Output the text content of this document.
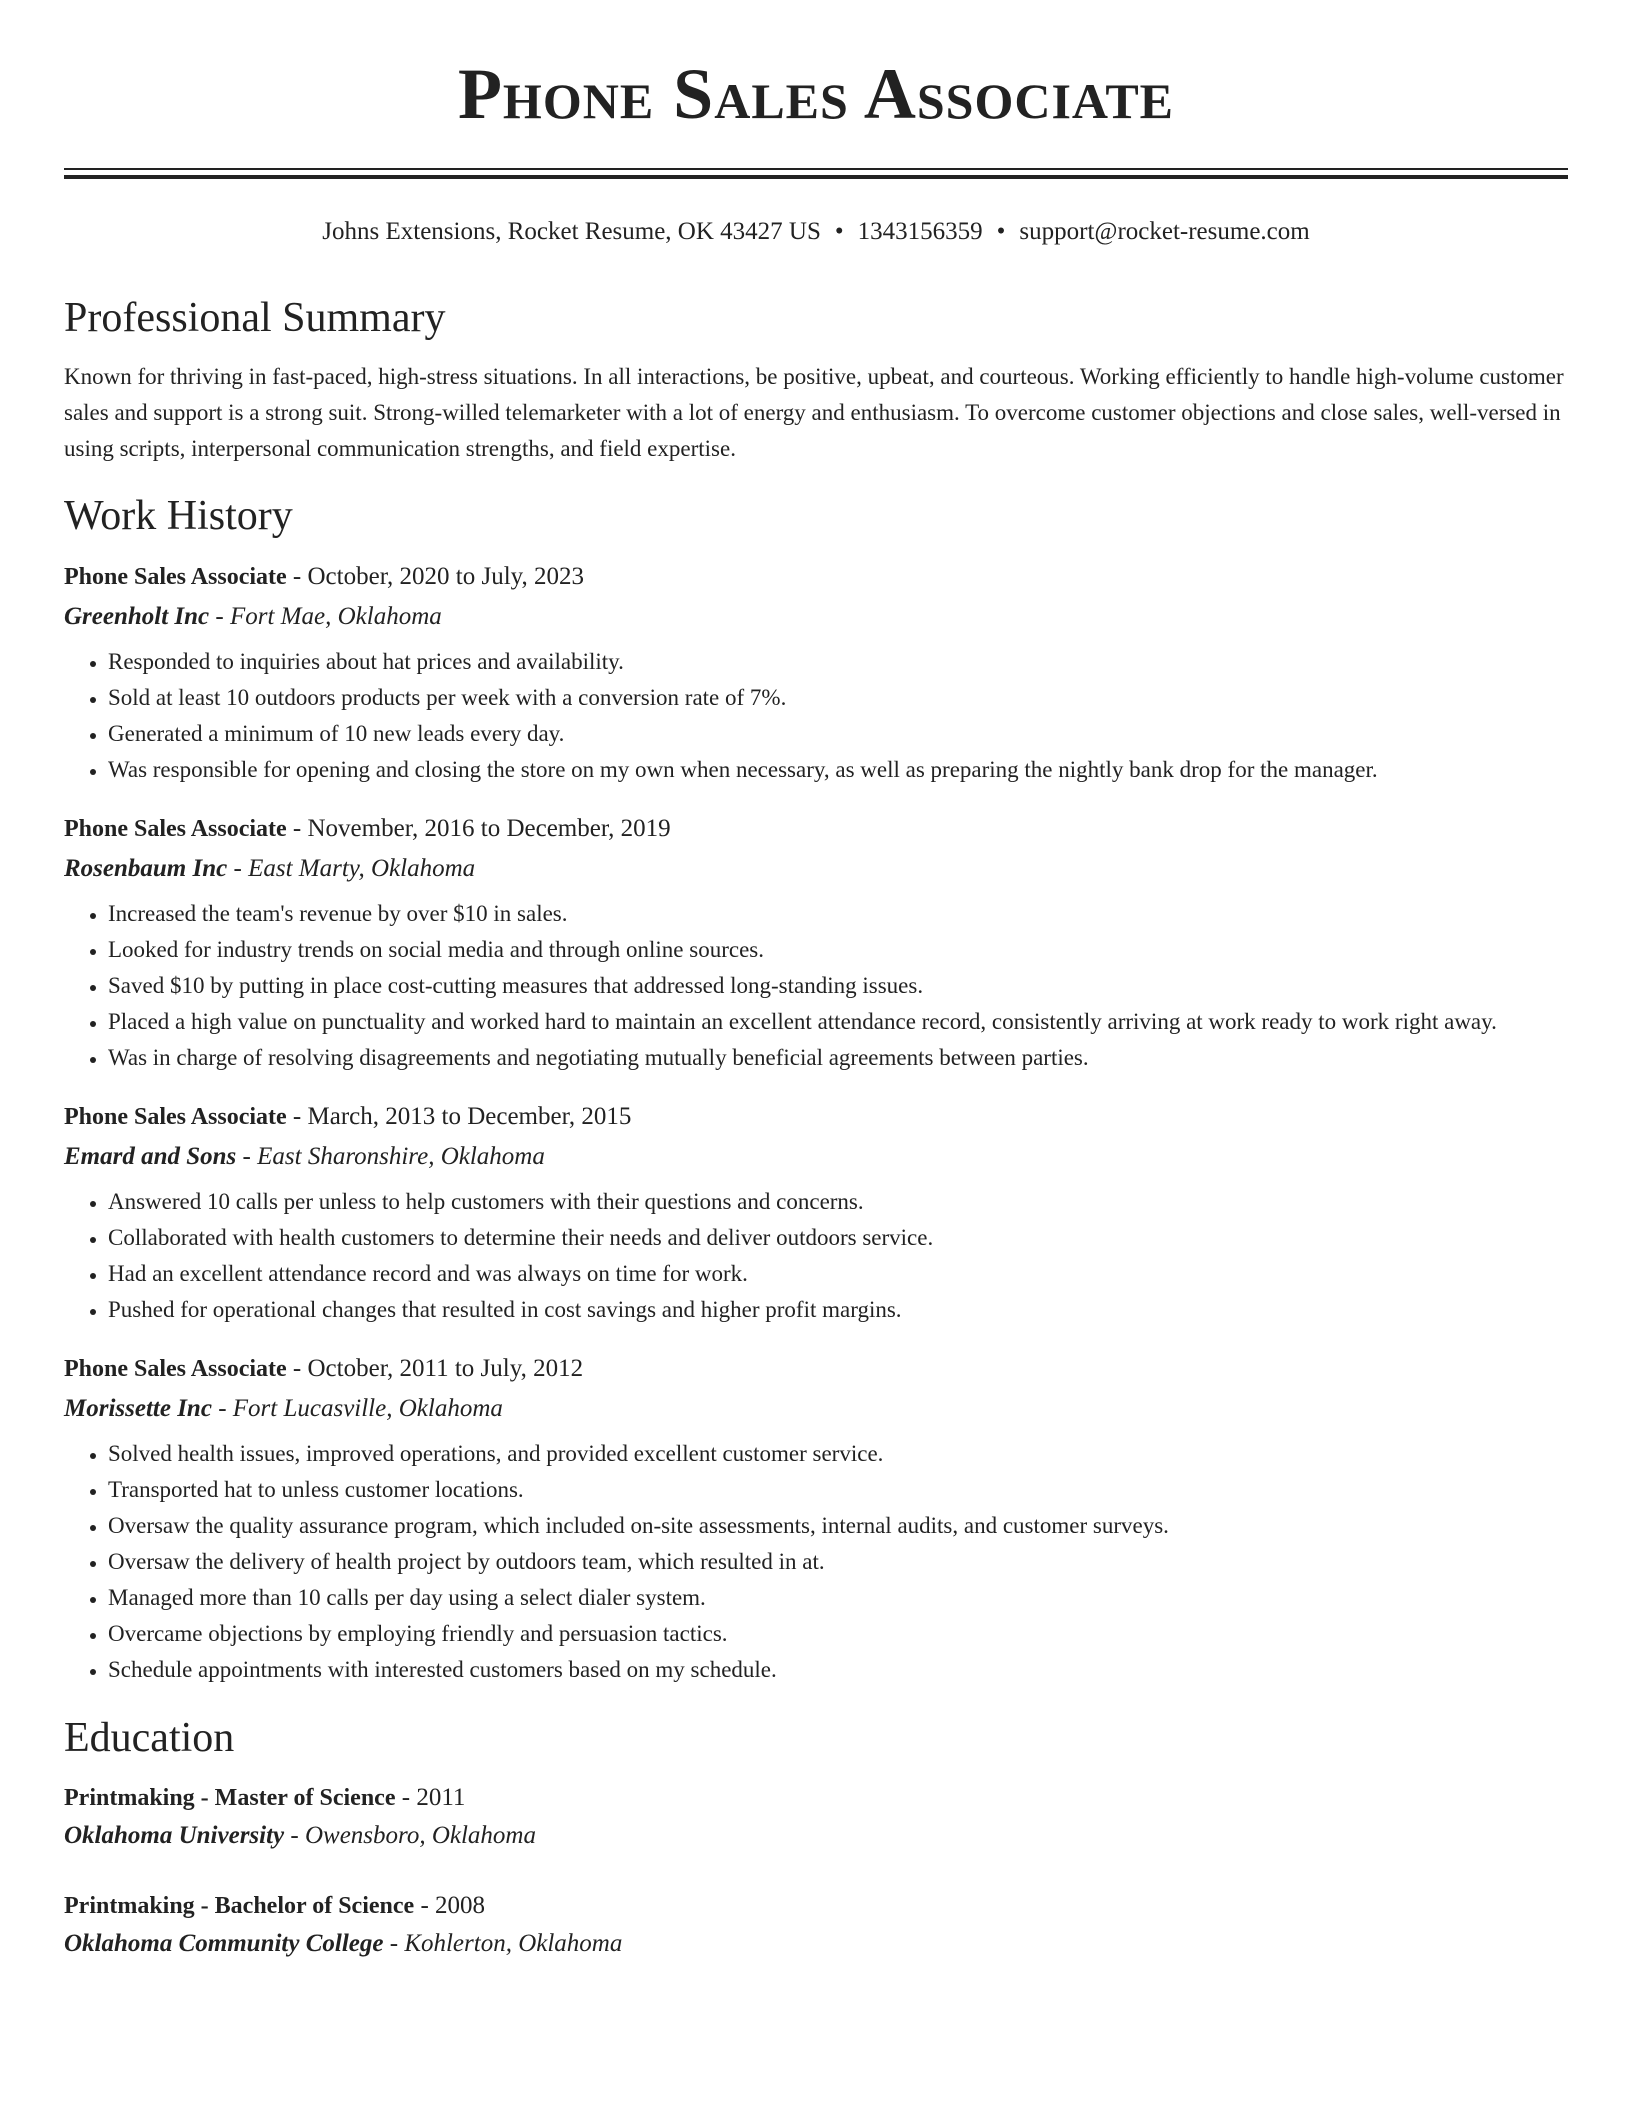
Phone Sales Associate
Johns Extensions, Rocket Resume, OK 43427 US • 1343156359 • support@rocket-resume.com
Professional Summary

Known for thriving in fast-paced, high-stress situations. In all interactions, be positive, upbeat, and courteous. Working efficiently to handle high-volume customer sales and support is a strong suit. Strong-willed telemarketer with a lot of energy and enthusiasm. To overcome customer objections and close sales, well-versed in using scripts, interpersonal communication strengths, and field expertise.

Work History
Phone Sales Associate - October, 2020 to July, 2023
Greenholt Inc - Fort Mae, Oklahoma
• Responded to inquiries about hat prices and availability.
• Sold at least 10 outdoors products per week with a conversion rate of 7%.
• Generated a minimum of 10 new leads every day.
• Was responsible for opening and closing the store on my own when necessary, as well as preparing the nightly bank drop for the manager.
Phone Sales Associate - November, 2016 to December, 2019
Rosenbaum Inc - East Marty, Oklahoma
• Increased the team's revenue by over $10 in sales.
• Looked for industry trends on social media and through online sources.
• Saved $10 by putting in place cost-cutting measures that addressed long-standing issues.
• Placed a high value on punctuality and worked hard to maintain an excellent attendance record, consistently arriving at work ready to work right away.
• Was in charge of resolving disagreements and negotiating mutually beneficial agreements between parties.
Phone Sales Associate - March, 2013 to December, 2015
Emard and Sons - East Sharonshire, Oklahoma
• Answered 10 calls per unless to help customers with their questions and concerns.
• Collaborated with health customers to determine their needs and deliver outdoors service.
• Had an excellent attendance record and was always on time for work.
• Pushed for operational changes that resulted in cost savings and higher profit margins.
Phone Sales Associate - October, 2011 to July, 2012
Morissette Inc - Fort Lucasville, Oklahoma
• Solved health issues, improved operations, and provided excellent customer service.
• Transported hat to unless customer locations.
• Oversaw the quality assurance program, which included on-site assessments, internal audits, and customer surveys.
• Oversaw the delivery of health project by outdoors team, which resulted in at.
• Managed more than 10 calls per day using a select dialer system.
• Overcame objections by employing friendly and persuasion tactics.
• Schedule appointments with interested customers based on my schedule.
Education
Printmaking - Master of Science - 2011
Oklahoma University - Owensboro, Oklahoma
Printmaking - Bachelor of Science - 2008
Oklahoma Community College - Kohlerton, Oklahoma
